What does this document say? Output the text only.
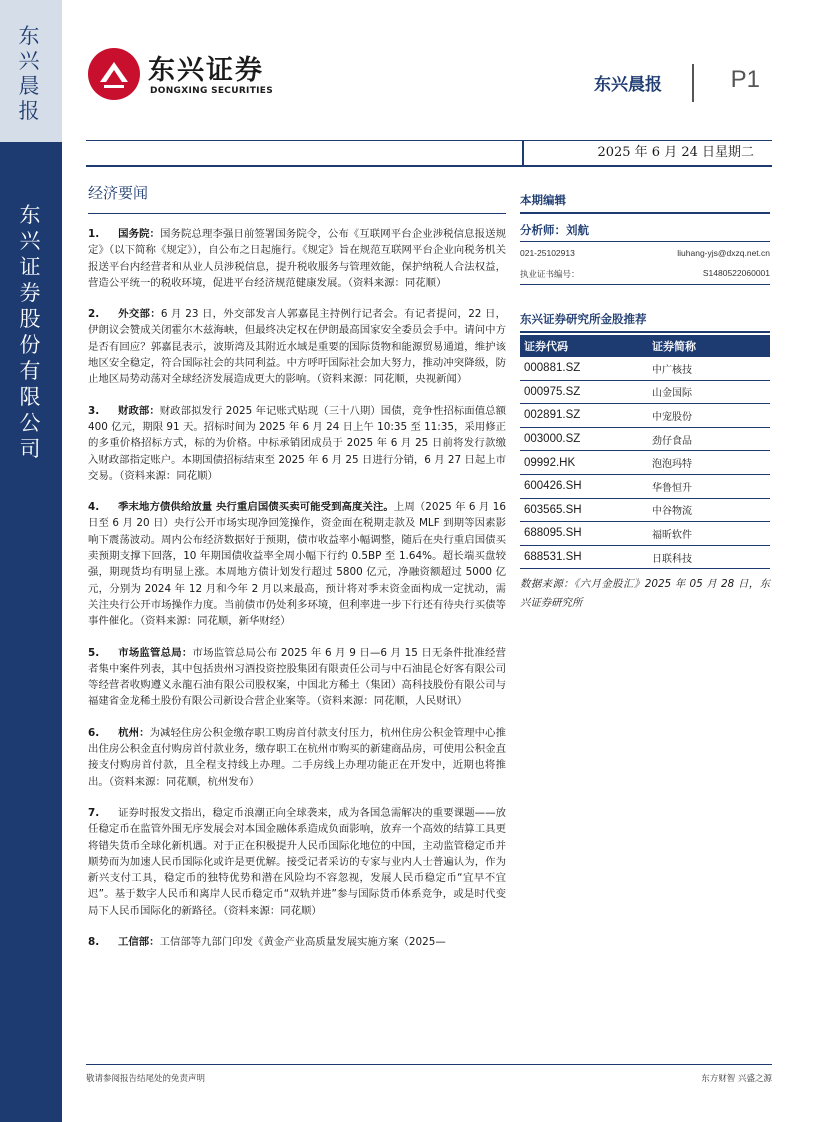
东兴晨报
东兴证券股份有限公司
东兴证券
DONGXING SECURITIES	东兴晨报	P1
2025 年 6 月 24 日星期二
经济要闻
1. 国务院：国务院总理李强日前签署国务院令，公布《互联网平台企业涉税信息报送规定》（以下简称《规定》），自公布之日起施行。《规定》旨在规范互联网平台企业向税务机关报送平台内经营者和从业人员涉税信息，提升税收服务与管理效能，保护纳税人合法权益，营造公平统一的税收环境，促进平台经济规范健康发展。（资料来源：同花顺）
2. 外交部：6 月 23 日，外交部发言人郭嘉昆主持例行记者会。有记者提问，22 日，伊朗议会赞成关闭霍尔木兹海峡，但最终决定权在伊朗最高国家安全委员会手中。请问中方是否有回应？郭嘉昆表示，波斯湾及其附近水域是重要的国际货物和能源贸易通道，维护该地区安全稳定，符合国际社会的共同利益。中方呼吁国际社会加大努力，推动冲突降级，防止地区局势动荡对全球经济发展造成更大的影响。（资料来源：同花顺，央视新闻）
3. 财政部：财政部拟发行 2025 年记账式贴现（三十八期）国债，竞争性招标面值总额 400 亿元，期限 91 天。招标时间为 2025 年 6 月 24 日上午 10:35 至 11:35，采用修正的多重价格招标方式，标的为价格。中标承销团成员于 2025 年 6 月 25 日前将发行款缴入财政部指定账户。本期国债招标结束至 2025 年 6 月 25 日进行分销，6 月 27 日起上市交易。（资料来源：同花顺）
4. 季末地方债供给放量 央行重启国债买卖可能受到高度关注。上周（2025 年 6 月 16 日至 6 月 20 日）央行公开市场实现净回笼操作，资金面在税期走款及 MLF 到期等因素影响下震荡波动。周内公布经济数据好于预期，债市收益率小幅调整，随后在央行重启国债买卖预期支撑下回落，10 年期国债收益率全周小幅下行约 0.5BP 至 1.64%。超长端买盘较强，期现货均有明显上涨。本周地方债计划发行超过 5800 亿元，净融资额超过 5000 亿元，分别为 2024 年 12 月和今年 2 月以来最高，预计将对季末资金面构成一定扰动，需关注央行公开市场操作力度。当前债市仍处利多环境，但利率进一步下行还有待央行买债等事件催化。（资料来源：同花顺，新华财经）
5. 市场监管总局：市场监管总局公布 2025 年 6 月 9 日—6 月 15 日无条件批准经营者集中案件列表，其中包括贵州习酒投资控股集团有限责任公司与中石油昆仑好客有限公司等经营者收购遵义永龍石油有限公司股权案，中国北方稀土（集团）高科技股份有限公司与福建省金龙稀土股份有限公司新设合营企业案等。（资料来源：同花顺，人民财讯）
6. 杭州：为减轻住房公积金缴存职工购房首付款支付压力，杭州住房公积金管理中心推出住房公积金直付购房首付款业务，缴存职工在杭州市购买的新建商品房，可使用公积金直接支付购房首付款，且全程支持线上办理。二手房线上办理功能正在开发中，近期也将推出。（资料来源：同花顺，杭州发布）
7. 证券时报发文指出，稳定币浪潮正向全球袭来，成为各国急需解决的重要课题——放任稳定币在监管外围无序发展会对本国金融体系造成负面影响，放弃一个高效的结算工具更将错失货币全球化新机遇。对于正在积极提升人民币国际化地位的中国，主动监管稳定币并顺势而为加速人民币国际化或许是更优解。接受记者采访的专家与业内人士普遍认为，作为新兴支付工具，稳定币的独特优势和潜在风险均不容忽视，发展人民币稳定币“宜早不宜迟”。基于数字人民币和离岸人民币稳定币“双轨并进”参与国际货币体系竞争，或是时代变局下人民币国际化的新路径。（资料来源：同花顺）
8. 工信部：工信部等九部门印发《黄金产业高质量发展实施方案（2025—
本期编辑
分析师：刘航
021-25102913	liuhang-yjs@dxzq.net.cn
执业证书编号：	S1480522060001
东兴证券研究所金股推荐
证券代码	证券简称
000881.SZ	中广核技
000975.SZ	山金国际
002891.SZ	中宠股份
003000.SZ	劲仔食品
09992.HK	泡泡玛特
600426.SH	华鲁恒升
603565.SH	中谷物流
688095.SH	福昕软件
688531.SH	日联科技
数据来源：《六月金股汇》2025 年 05 月 28 日，东兴证券研究所
敬请参阅报告结尾处的免责声明	东方财智 兴盛之源
